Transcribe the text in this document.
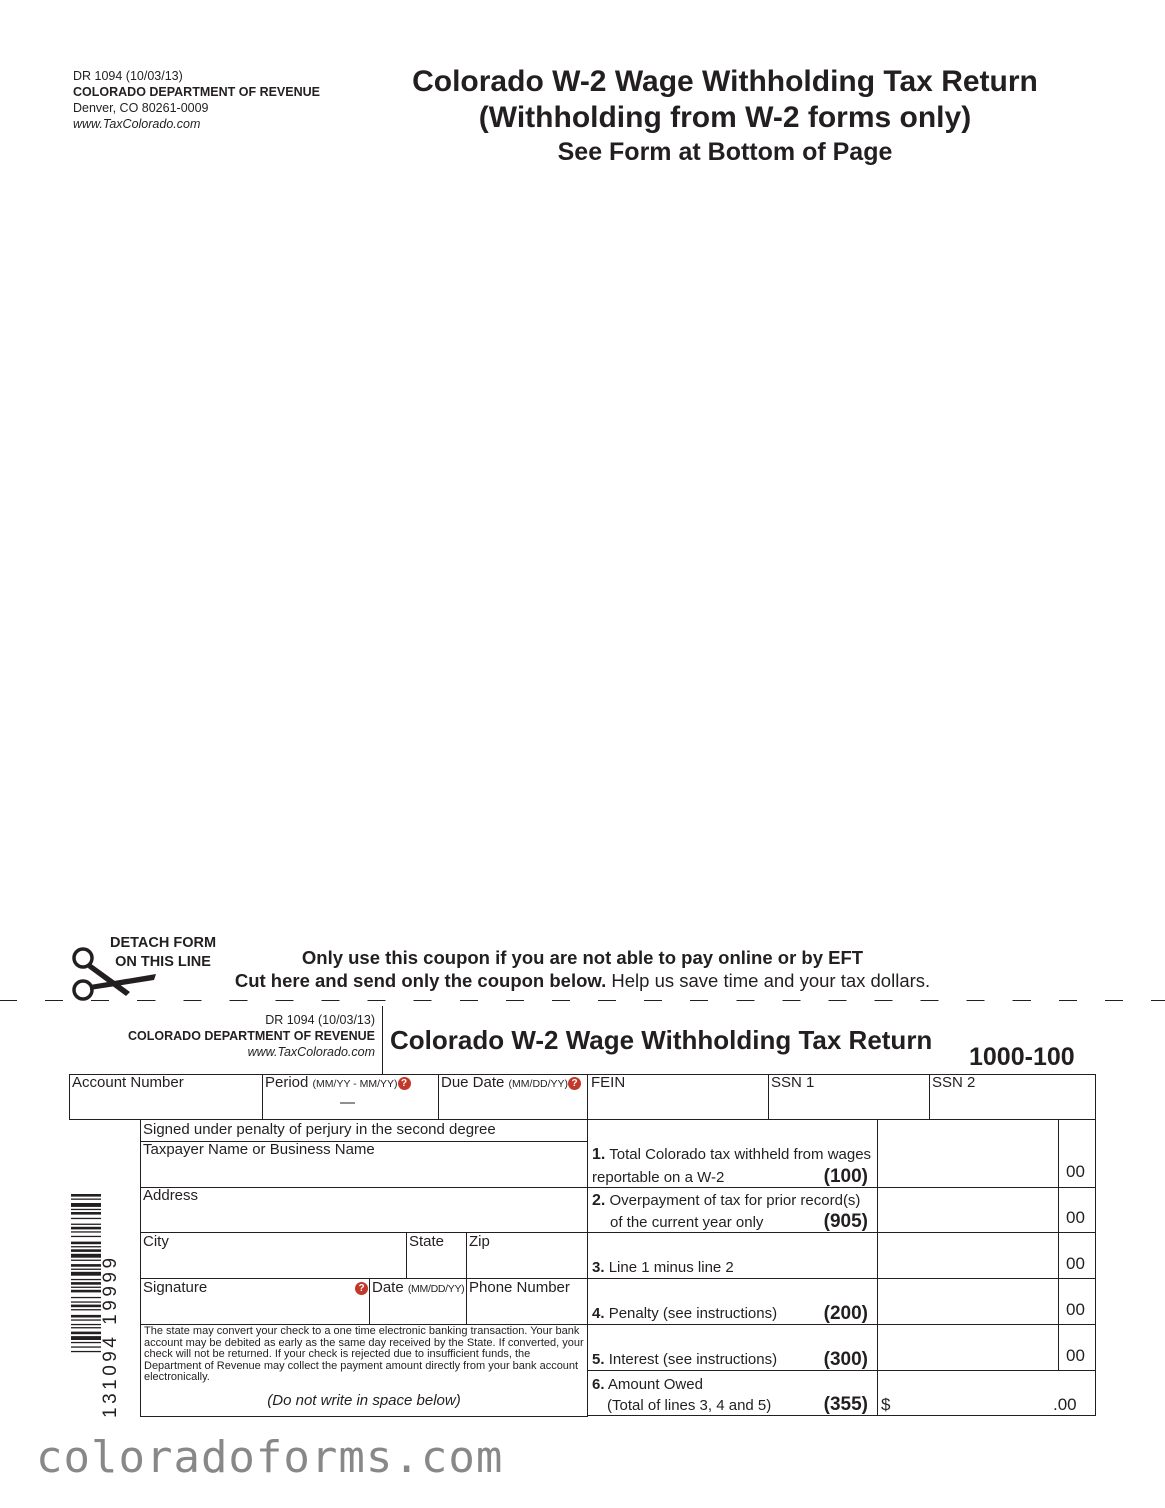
DR 1094 (10/03/13)
COLORADO DEPARTMENT OF REVENUE
Denver, CO 80261-0009
www.TaxColorado.com
Colorado W-2 Wage Withholding Tax Return
(Withholding from W-2 forms only)
See Form at Bottom of Page
DETACH FORM
ON THIS LINE	Only use this coupon if you are not able to pay online or by EFT
Cut here and send only the coupon below. Help us save time and your tax dollars.
DR 1094 (10/03/13)
COLORADO DEPARTMENT OF REVENUE
www.TaxColorado.com Colorado W-2 Wage Withholding Tax Return
1000-100
Account Number	Period (MM/YY - MM/YY) ?
—
Due Date (MM/DD/YY) ? FEIN	SSN 1	SSN 2
Signed under penalty of perjury in the second degree
Taxpayer Name or Business Name
Address
City	State Zip
Signature	? Date (MM/DD/YY) Phone Number
The state may convert your check to a one time electronic banking transaction. Your bank account may be debited as early as the same day received by the State. If converted, your check will not be returned. If your check is rejected due to insufficient funds, the Department of Revenue may collect the payment amount directly from your bank account electronically.
(Do not write in space below)
131094 19999
1. Total Colorado tax withheld from wages
reportable on a W-2	(100)	00
2. Overpayment of tax for prior record(s)
of the current year only	(905)	00
3. Line 1 minus line 2	00
4. Penalty (see instructions)	(200)	00
5. Interest (see instructions)	(300)	00
6. Amount Owed
(Total of lines 3, 4 and 5)	(355) $	.00
coloradoforms.com
